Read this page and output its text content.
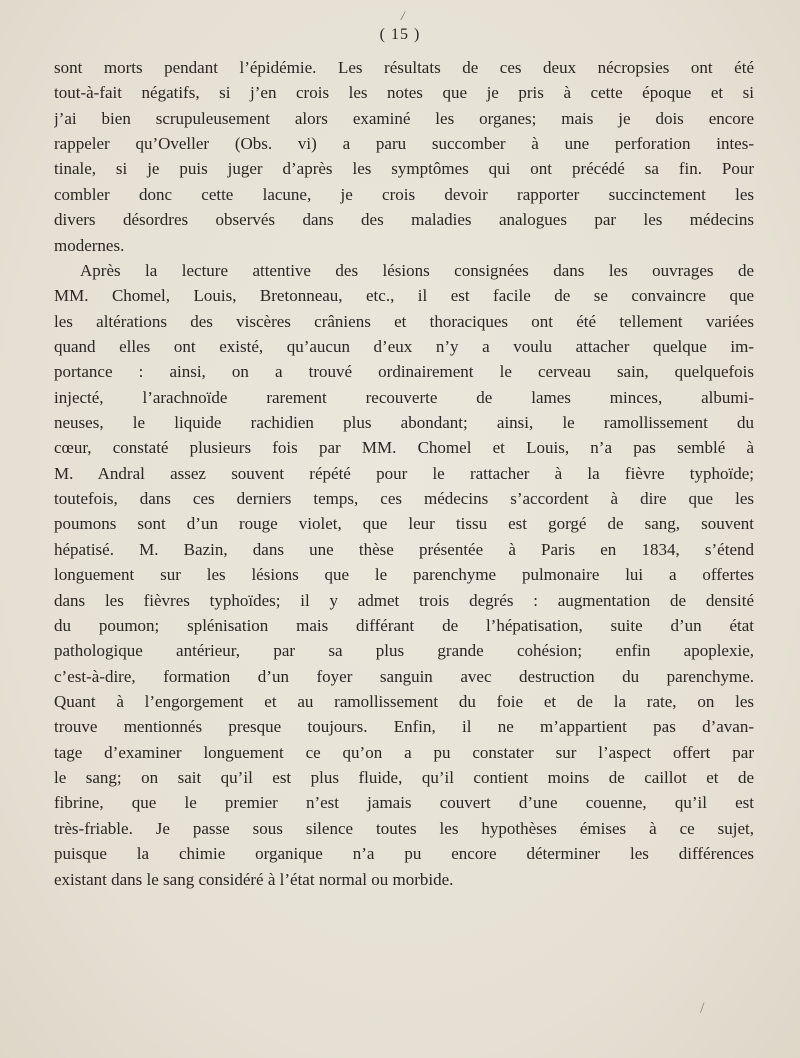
/
( 15 )
sont morts pendant l’épidémie. Les résultats de ces deux nécropsies ont été
tout-à-fait négatifs, si j’en crois les notes que je pris à cette époque et si
j’ai bien scrupuleusement alors examiné les organes; mais je dois encore
rappeler qu’Oveller (Obs. vi) a paru succomber à une perforation intes-
tinale, si je puis juger d’après les symptômes qui ont précédé sa fin. Pour
combler donc cette lacune, je crois devoir rapporter succinctement les
divers désordres observés dans des maladies analogues par les médecins
modernes.
Après la lecture attentive des lésions consignées dans les ouvrages de
MM. Chomel, Louis, Bretonneau, etc., il est facile de se convaincre que
les altérations des viscères crâniens et thoraciques ont été tellement variées
quand elles ont existé, qu’aucun d’eux n’y a voulu attacher quelque im-
portance : ainsi, on a trouvé ordinairement le cerveau sain, quelquefois
injecté, l’arachnoïde rarement recouverte de lames minces, albumi-
neuses, le liquide rachidien plus abondant; ainsi, le ramollissement du
cœur, constaté plusieurs fois par MM. Chomel et Louis, n’a pas semblé à
M. Andral assez souvent répété pour le rattacher à la fièvre typhoïde;
toutefois, dans ces derniers temps, ces médecins s’accordent à dire que les
poumons sont d’un rouge violet, que leur tissu est gorgé de sang, souvent
hépatisé. M. Bazin, dans une thèse présentée à Paris en 1834, s’étend
longuement sur les lésions que le parenchyme pulmonaire lui a offertes
dans les fièvres typhoïdes; il y admet trois degrés : augmentation de densité
du poumon; splénisation mais différant de l’hépatisation, suite d’un état
pathologique antérieur, par sa plus grande cohésion; enfin apoplexie,
c’est-à-dire, formation d’un foyer sanguin avec destruction du parenchyme.
Quant à l’engorgement et au ramollissement du foie et de la rate, on les
trouve mentionnés presque toujours. Enfin, il ne m’appartient pas d’avan-
tage d’examiner longuement ce qu’on a pu constater sur l’aspect offert par
le sang; on sait qu’il est plus fluide, qu’il contient moins de caillot et de
fibrine, que le premier n’est jamais couvert d’une couenne, qu’il est
très-friable. Je passe sous silence toutes les hypothèses émises à ce sujet,
puisque la chimie organique n’a pu encore déterminer les différences
existant dans le sang considéré à l’état normal ou morbide.
/
